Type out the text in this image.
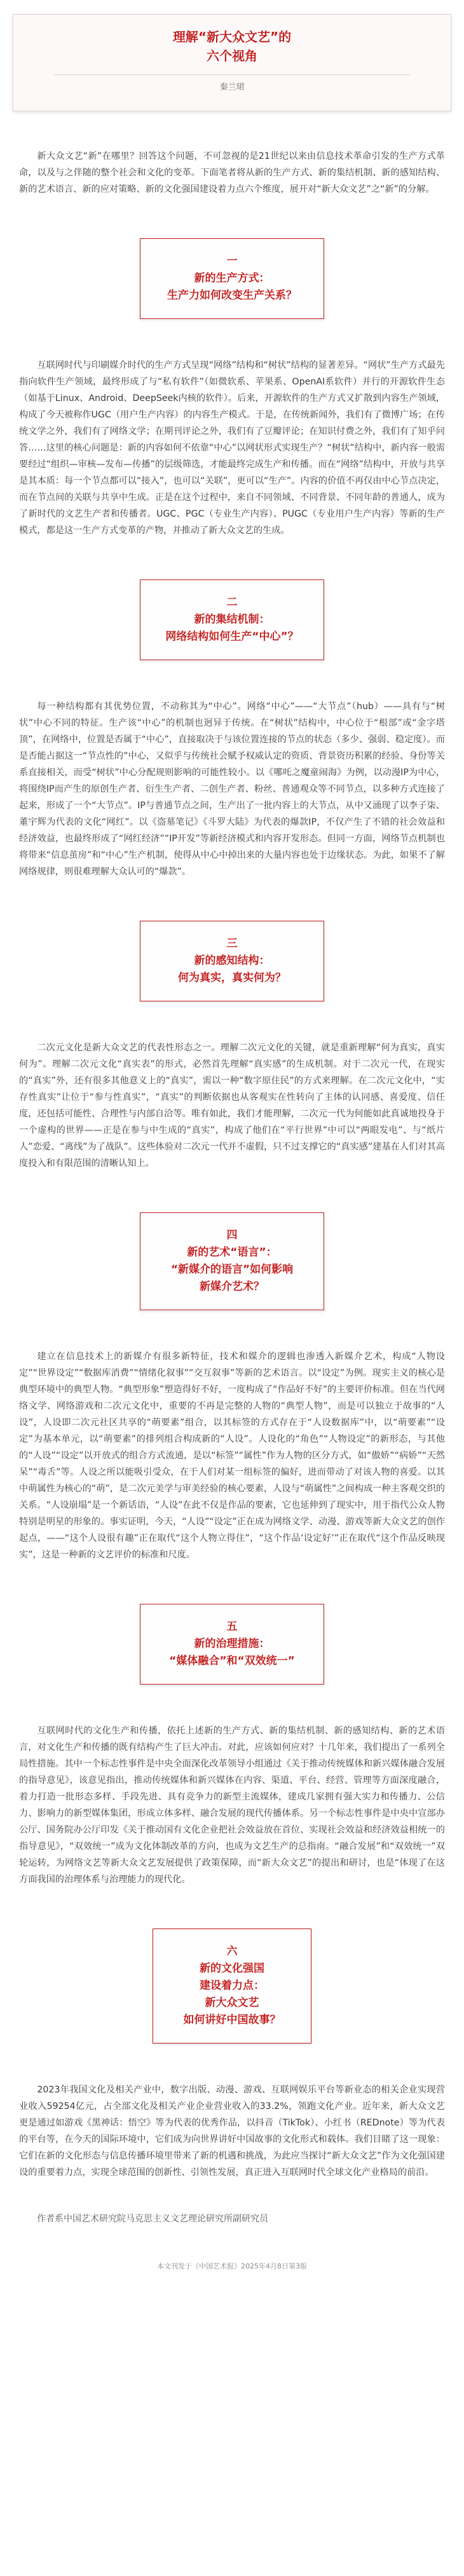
理解“新大众文艺”的
六个视角
秦兰珺

新大众文艺“新”在哪里？回答这个问题，不可忽视的是21世纪以来由信息技术革命引发的生产方式革命，以及与之伴随的整个社会和文化的变革。下面笔者将从新的生产方式、新的集结机制、新的感知结构、新的艺术语言、新的应对策略、新的文化强国建设着力点六个维度，展开对“新大众文艺”之“新”的分解。

一
新的生产方式：
生产力如何改变生产关系？

互联网时代与印刷媒介时代的生产方式呈现“网络”结构和“树状”结构的显著差异。“网状”生产方式最先指向软件生产领域，最终形成了与“私有软件”（如微软系、苹果系、OpenAI系软件）并行的开源软件生态（如基于Linux、Android、DeepSeek内核的软件）。后来，开源软件的生产方式又扩散到内容生产领域，构成了今天被称作UGC（用户生产内容）的内容生产模式。于是，在传统新闻外，我们有了微博广场；在传统文学之外，我们有了网络文学；在期刊评论之外，我们有了豆瓣评论；在知识付费之外，我们有了知乎问答……这里的核心问题是：新的内容如何不依靠“中心”以网状形式实现生产？“树状”结构中，新内容一般需要经过“组织—审核—发布—传播”的层级筛选，才能最终完成生产和传播。而在“网络”结构中，开放与共享是其本质：每一个节点都可以“接入”，也可以“关联”，更可以“生产”。内容的价值不再仅由中心节点决定，而在节点间的关联与共享中生成。正是在这个过程中，来自不同领域、不同背景、不同年龄的普通人，成为了新时代的文艺生产者和传播者。UGC、PGC（专业生产内容）、PUGC（专业用户生产内容）等新的生产模式，都是这一生产方式变革的产物，并推动了新大众文艺的生成。

二
新的集结机制：
网络结构如何生产“中心”？

每一种结构都有其优势位置，不动称其为“中心”。网络“中心”——“大节点”（hub）——具有与“树状”中心不同的特征。生产该“中心”的机制也迥异于传统。在“树状”结构中，中心位于“根部”或“金字塔顶”，在网络中，位置是否属于“中心”，直接取决于与该位置连接的节点的状态（多少、强弱、稳定度）。而是否能占据这一“节点性的”中心，又似乎与传统社会赋予权威认定的资质、背景资历积累的经验、身份等关系直接相关，而受“树状”中心分配规则影响的可能性较小。以《哪吒之魔童闹海》为例，以动漫IP为中心，将围绕IP而产生的原创生产者、衍生生产者、二创生产者、粉丝、普通观众等不同节点，以多种方式连接了起来，形成了一个“大节点”。IP与普通节点之间，生产出了一批内容上的大节点，从中又涌现了以李子柒、董宇辉为代表的文化“网红”。以《盗墓笔记》《斗罗大陆》为代表的爆款IP，不仅产生了不错的社会效益和经济效益，也最终形成了“网红经济”“IP开发”等新经济模式和内容开发形态。但同一方面，网络节点机制也将带来“信息茧房”和“中心”生产机制，使得从中心中掉出来的大量内容也处于边缘状态。为此，如果不了解网络规律，则很难理解大众认可的“爆款”。

三
新的感知结构：
何为真实，真实何为？

二次元文化是新大众文艺的代表性形态之一。理解二次元文化的关键，就是重新理解“何为真实，真实何为”。理解二次元文化“真实表”的形式，必然首先理解“真实感”的生成机制。对于二次元一代，在现实的“真实”外，还有很多其他意义上的“真实”，需以一种“数字原住民”的方式来理解。在二次元文化中，“实存性真实”让位于“参与性真实”，“真实”的判断依据也从客观实在性转向了主体的认同感、喜爱度、信任度，还包括可能性、合理性与内部自洽等。唯有如此，我们才能理解，二次元一代为何能如此真诚地投身于一个虚构的世界——正是在参与中生成的“真实”，构成了他们在“平行世界”中可以“两眼发电”、与“纸片人”恋爱、“离线”为了战队”。这些体验对二次元一代并不虚假，只不过支撑它的“真实感”建基在人们对其高度投入和有限范围的清晰认知上。

四
新的艺术“语言”：
“新媒介的语言”如何影响
新媒介艺术？

建立在信息技术上的新媒介有很多新特征，技术和媒介的逻辑也渗透入新媒介艺术，构成“人物设定”“世界设定”“数据库消费”“情绪化叙事”“交互叙事”等新的艺术语言。以“设定”为例。现实主义的核心是典型环境中的典型人物。“典型形象”塑造得好不好，一度构成了“作品好不好”的主要评价标准。但在当代网络文学、网络游戏和二次元文化中，重要的不再是完整的人物的“典型人物”，而是可以独立于故事的“人设”，人设即二次元社区共享的“萌要素”组合，以其标签的方式存在于“人设数据库”中，以“萌要素”“设定”为基本单元，以“萌要素”的排列组合构成新的“人设”。人设化的“角色”“人物设定”的新形态，与其他的“人设”“设定”以开放式的组合方式流通，是以“标签”“属性”作为人物的区分方式，如“傲娇”“病娇”“天然呆”“毒舌”等。人设之所以能吸引受众，在于人们对某一组标签的偏好，进而带动了对该人物的喜爱。以其中萌属性为核心的“萌”，是二次元美学与审美经验的核心要素，人设与“萌属性”之间构成一种主客观交织的关系。“人设崩塌”是一个新话语，“人设”在此不仅是作品的要素，它也延伸到了现实中，用于指代公众人物特别是明星的形象的。事实证明，今天，“人设”“设定”正在成为网络文学、动漫、游戏等新大众文艺的创作起点，——“这个人设很有趣”正在取代“这个人物立得住”，“这个作品‘设定好’”正在取代“这个作品反映现实”，这是一种新的文艺评价的标准和尺度。

五
新的治理措施：
“媒体融合”和“双效统一”

互联网时代的文化生产和传播，依托上述新的生产方式、新的集结机制、新的感知结构、新的艺术语言，对文化生产和传播的既有结构产生了巨大冲击。对此，应该如何应对？十几年来，我们提出了一系列全局性措施。其中一个标志性事件是中央全面深化改革领导小组通过《关于推动传统媒体和新兴媒体融合发展的指导意见》，该意见指出，推动传统媒体和新兴媒体在内容、渠道、平台、经营、管理等方面深度融合，着力打造一批形态多样、手段先进、具有竞争力的新型主流媒体，建成几家拥有强大实力和传播力、公信力、影响力的新型媒体集团，形成立体多样、融合发展的现代传播体系。另一个标志性事件是中央中宣部办公厅、国务院办公厅印发《关于推动国有文化企业把社会效益放在首位、实现社会效益和经济效益相统一的指导意见》，“双效统一”成为文化体制改革的方向，也成为文艺生产的总指南。“融合发展”和“双效统一”双轮运转，为网络文艺等新大众文艺发展提供了政策保障，而“新大众文艺”的提出和研讨，也是“体现了在这方面我国的治理体系与治理能力的现代化。

六
新的文化强国
建设着力点：
新大众文艺
如何讲好中国故事？

2023年我国文化及相关产业中，数字出版、动漫、游戏、互联网娱乐平台等新业态的相关企业实现营业收入59254亿元，占全部文化及相关产业企业营业收入的33.2%，领跑文化产业。近年来，新大众文艺更是通过如游戏《黑神话：悟空》等为代表的优秀作品，以抖音（TikTok）、小红书（REDnote）等为代表的平台等，在今天的国际环境中，它们成为向世界讲好中国故事的文化形式和载体。我们目睹了这一现象：它们在新的文化形态与信息传播环境里带来了新的机遇和挑战，为此应当探讨“新大众文艺”作为文化强国建设的重要着力点，实现全球范围的创新性、引领性发展，真正进入互联网时代全球文化产业格局的前沿。

作者系中国艺术研究院马克思主义文艺理论研究所副研究员

本文刊发于《中国艺术报》2025年4月8日第3版
